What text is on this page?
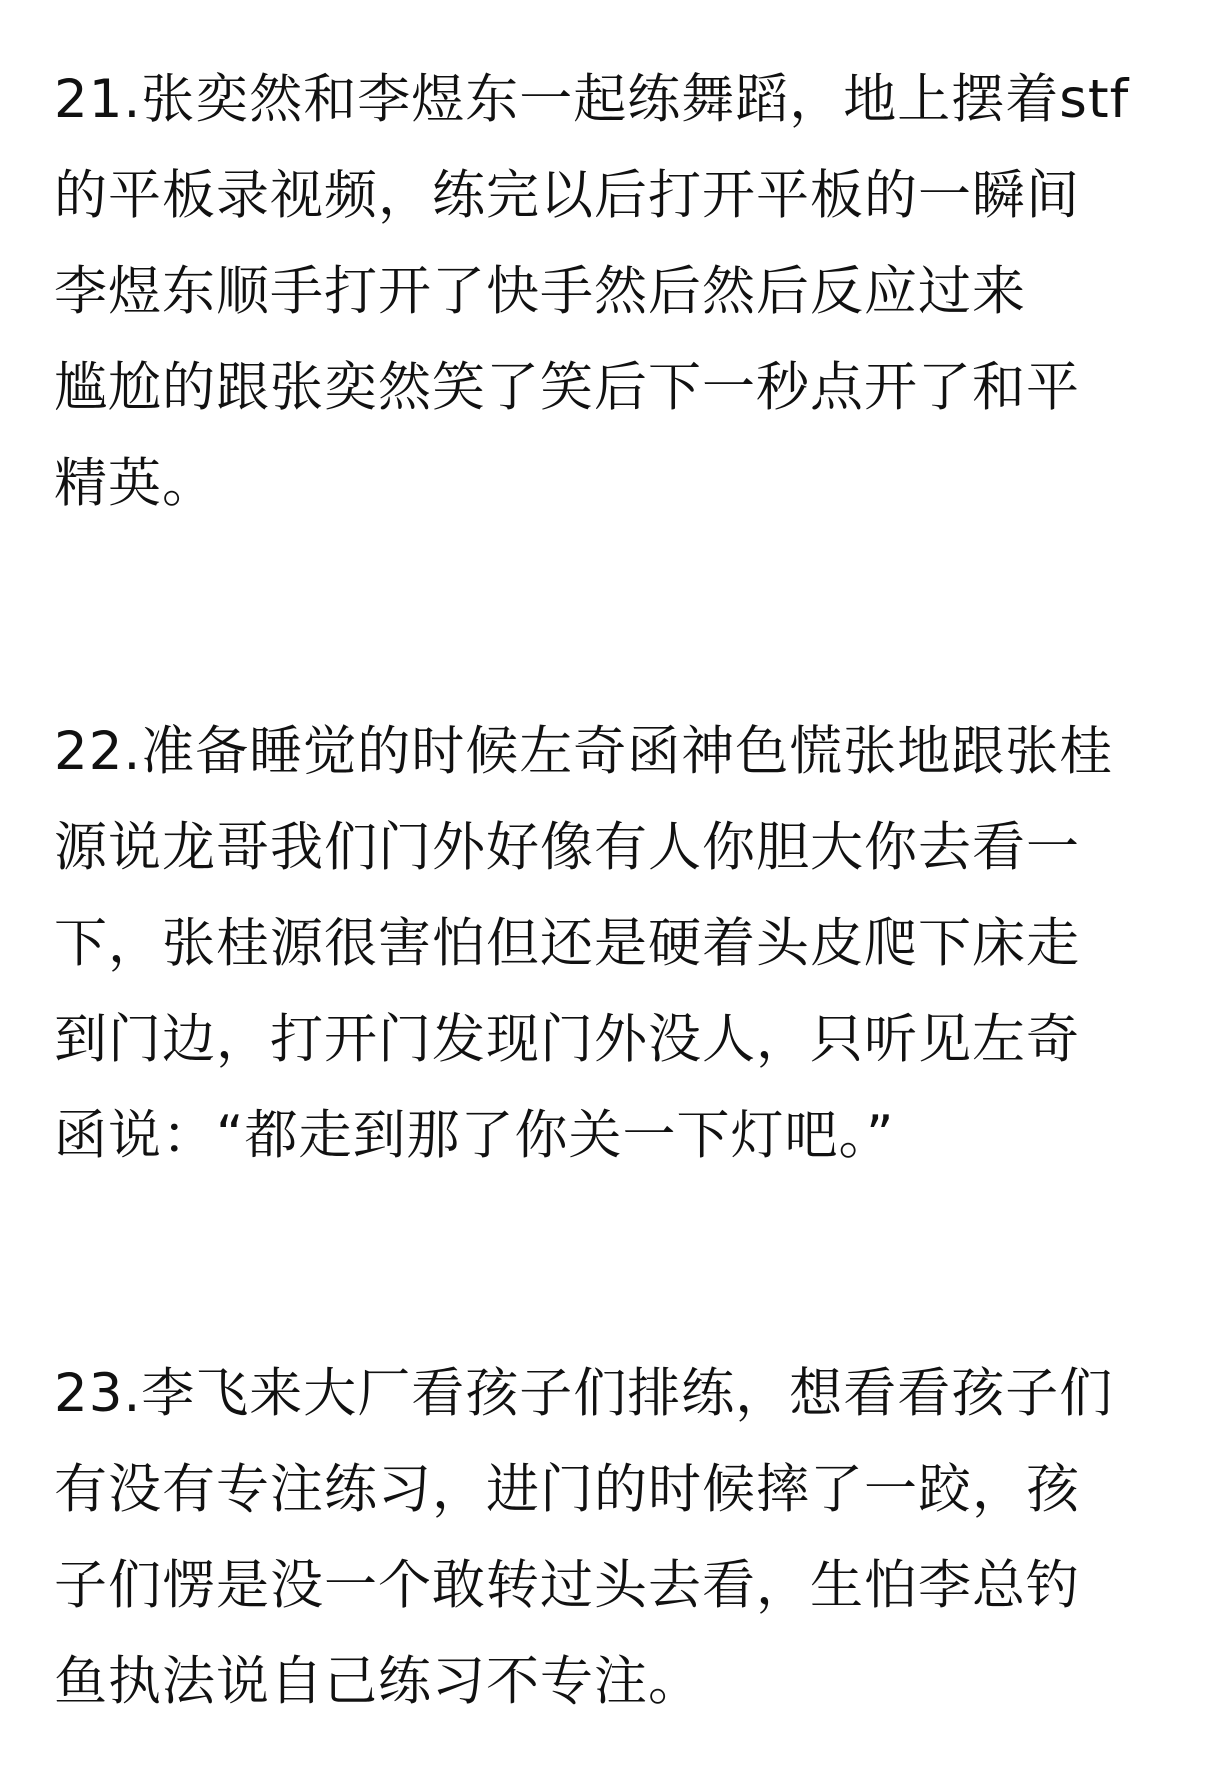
21.张奕然和李煜东一起练舞蹈，地上摆着stf
的平板录视频，练完以后打开平板的一瞬间
李煜东顺手打开了快手然后然后反应过来
尴尬的跟张奕然笑了笑后下一秒点开了和平
精英。
22.准备睡觉的时候左奇函神色慌张地跟张桂
源说龙哥我们门外好像有人你胆大你去看一
下，张桂源很害怕但还是硬着头皮爬下床走
到门边，打开门发现门外没人，只听见左奇
函说：“都走到那了你关一下灯吧。”
23.李飞来大厂看孩子们排练，想看看孩子们
有没有专注练习，进门的时候摔了一跤，孩
子们愣是没一个敢转过头去看，生怕李总钓
鱼执法说自己练习不专注。
